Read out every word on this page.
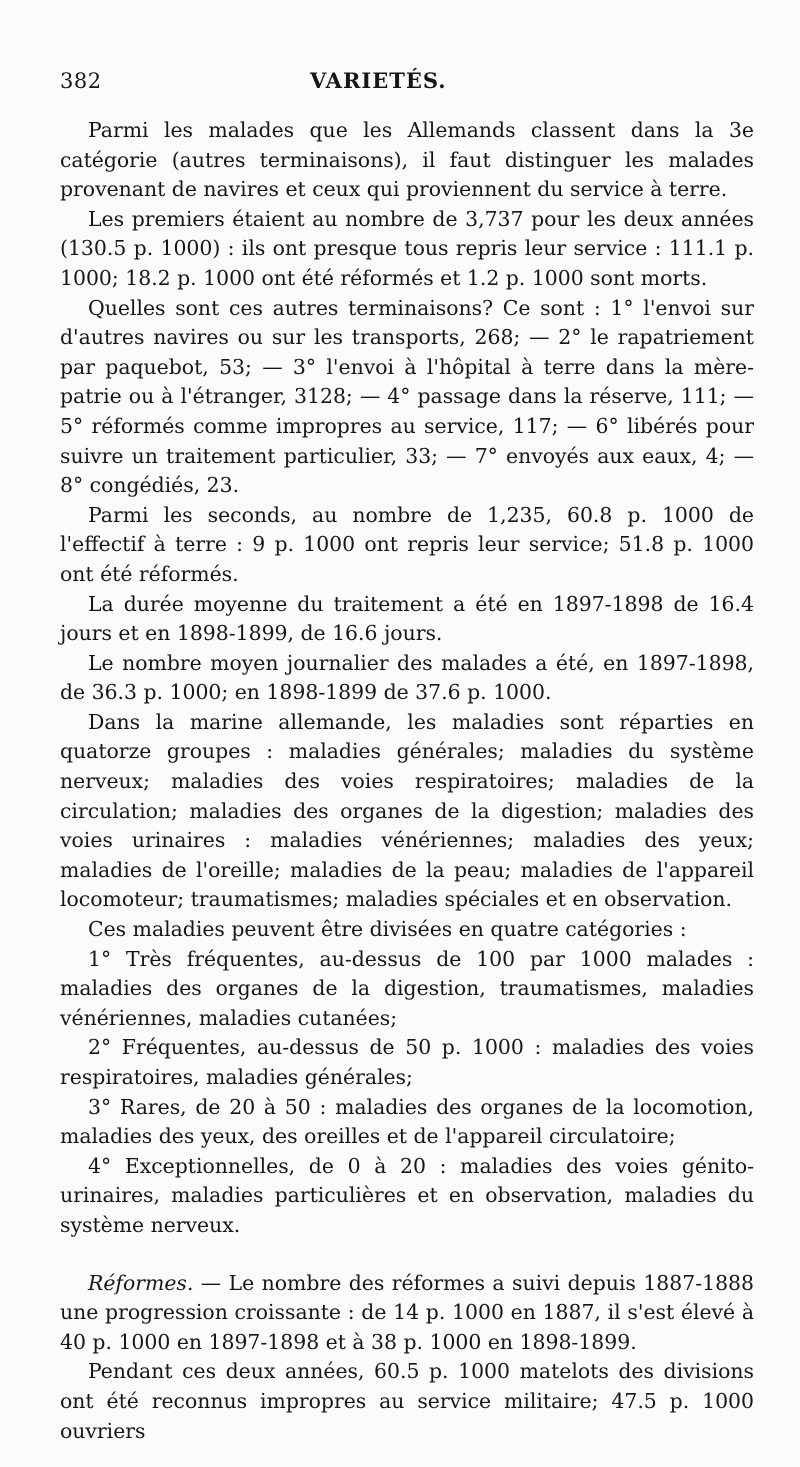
382	VARIETÉS.

Parmi les malades que les Allemands classent dans la 3e catégorie (autres terminaisons), il faut distinguer les malades provenant de navires et ceux qui proviennent du service à terre.

Les premiers étaient au nombre de 3,737 pour les deux années (130.5 p. 1000) : ils ont presque tous repris leur service : 111.1 p. 1000; 18.2 p. 1000 ont été réformés et 1.2 p. 1000 sont morts.

Quelles sont ces autres terminaisons? Ce sont : 1° l'envoi sur d'autres navires ou sur les transports, 268; — 2° le rapatriement par paquebot, 53; — 3° l'envoi à l'hôpital à terre dans la mère-patrie ou à l'étranger, 3128; — 4° passage dans la réserve, 111; — 5° réformés comme impropres au service, 117; — 6° libérés pour suivre un traitement particulier, 33; — 7° envoyés aux eaux, 4; — 8° congédiés, 23.

Parmi les seconds, au nombre de 1,235, 60.8 p. 1000 de l'effectif à terre : 9 p. 1000 ont repris leur service; 51.8 p. 1000 ont été réformés.

La durée moyenne du traitement a été en 1897-1898 de 16.4 jours et en 1898-1899, de 16.6 jours.

Le nombre moyen journalier des malades a été, en 1897-1898, de 36.3 p. 1000; en 1898-1899 de 37.6 p. 1000.

Dans la marine allemande, les maladies sont réparties en quatorze groupes : maladies générales; maladies du système nerveux; maladies des voies respiratoires; maladies de la circulation; maladies des organes de la digestion; maladies des voies urinaires : maladies vénériennes; maladies des yeux; maladies de l'oreille; maladies de la peau; maladies de l'appareil locomoteur; traumatismes; maladies spéciales et en observation.

Ces maladies peuvent être divisées en quatre catégories :

1° Très fréquentes, au-dessus de 100 par 1000 malades : maladies des organes de la digestion, traumatismes, maladies vénériennes, maladies cutanées;

2° Fréquentes, au-dessus de 50 p. 1000 : maladies des voies respiratoires, maladies générales;

3° Rares, de 20 à 50 : maladies des organes de la locomotion, maladies des yeux, des oreilles et de l'appareil circulatoire;

4° Exceptionnelles, de 0 à 20 : maladies des voies génito-urinaires, maladies particulières et en observation, maladies du système nerveux.

Réformes. — Le nombre des réformes a suivi depuis 1887-1888 une progression croissante : de 14 p. 1000 en 1887, il s'est élevé à 40 p. 1000 en 1897-1898 et à 38 p. 1000 en 1898-1899.

Pendant ces deux années, 60.5 p. 1000 matelots des divisions ont été reconnus impropres au service militaire; 47.5 p. 1000 ouvriers
